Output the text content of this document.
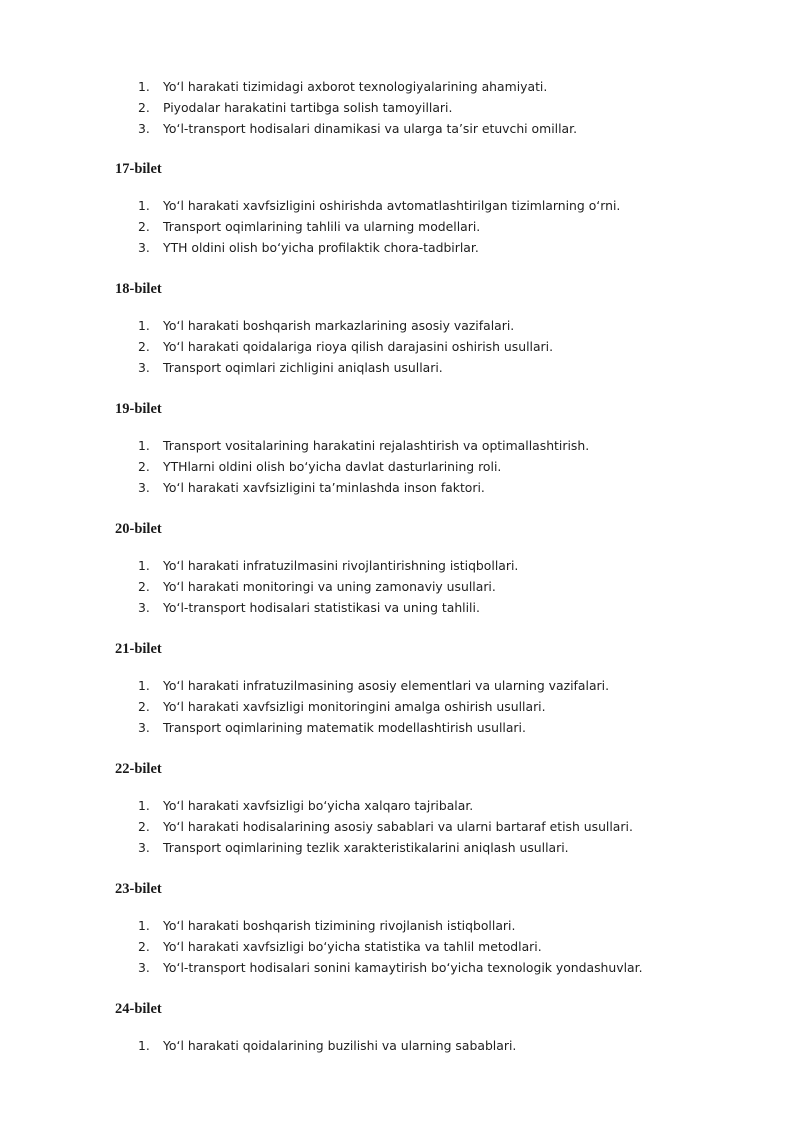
1. Yo‘l harakati tizimidagi axborot texnologiyalarining ahamiyati.
2. Piyodalar harakatini tartibga solish tamoyillari.
3. Yo‘l-transport hodisalari dinamikasi va ularga ta’sir etuvchi omillar.
17-bilet
1. Yo‘l harakati xavfsizligini oshirishda avtomatlashtirilgan tizimlarning o‘rni.
2. Transport oqimlarining tahlili va ularning modellari.
3. YTH oldini olish bo‘yicha profilaktik chora-tadbirlar.
18-bilet
1. Yo‘l harakati boshqarish markazlarining asosiy vazifalari.
2. Yo‘l harakati qoidalariga rioya qilish darajasini oshirish usullari.
3. Transport oqimlari zichligini aniqlash usullari.
19-bilet
1. Transport vositalarining harakatini rejalashtirish va optimallashtirish.
2. YTHlarni oldini olish bo‘yicha davlat dasturlarining roli.
3. Yo‘l harakati xavfsizligini ta’minlashda inson faktori.
20-bilet
1. Yo‘l harakati infratuzilmasini rivojlantirishning istiqbollari.
2. Yo‘l harakati monitoringi va uning zamonaviy usullari.
3. Yo‘l-transport hodisalari statistikasi va uning tahlili.
21-bilet
1. Yo‘l harakati infratuzilmasining asosiy elementlari va ularning vazifalari.
2. Yo‘l harakati xavfsizligi monitoringini amalga oshirish usullari.
3. Transport oqimlarining matematik modellashtirish usullari.
22-bilet
1. Yo‘l harakati xavfsizligi bo‘yicha xalqaro tajribalar.
2. Yo‘l harakati hodisalarining asosiy sabablari va ularni bartaraf etish usullari.
3. Transport oqimlarining tezlik xarakteristikalarini aniqlash usullari.
23-bilet
1. Yo‘l harakati boshqarish tizimining rivojlanish istiqbollari.
2. Yo‘l harakati xavfsizligi bo‘yicha statistika va tahlil metodlari.
3. Yo‘l-transport hodisalari sonini kamaytirish bo‘yicha texnologik yondashuvlar.
24-bilet
1. Yo‘l harakati qoidalarining buzilishi va ularning sabablari.
